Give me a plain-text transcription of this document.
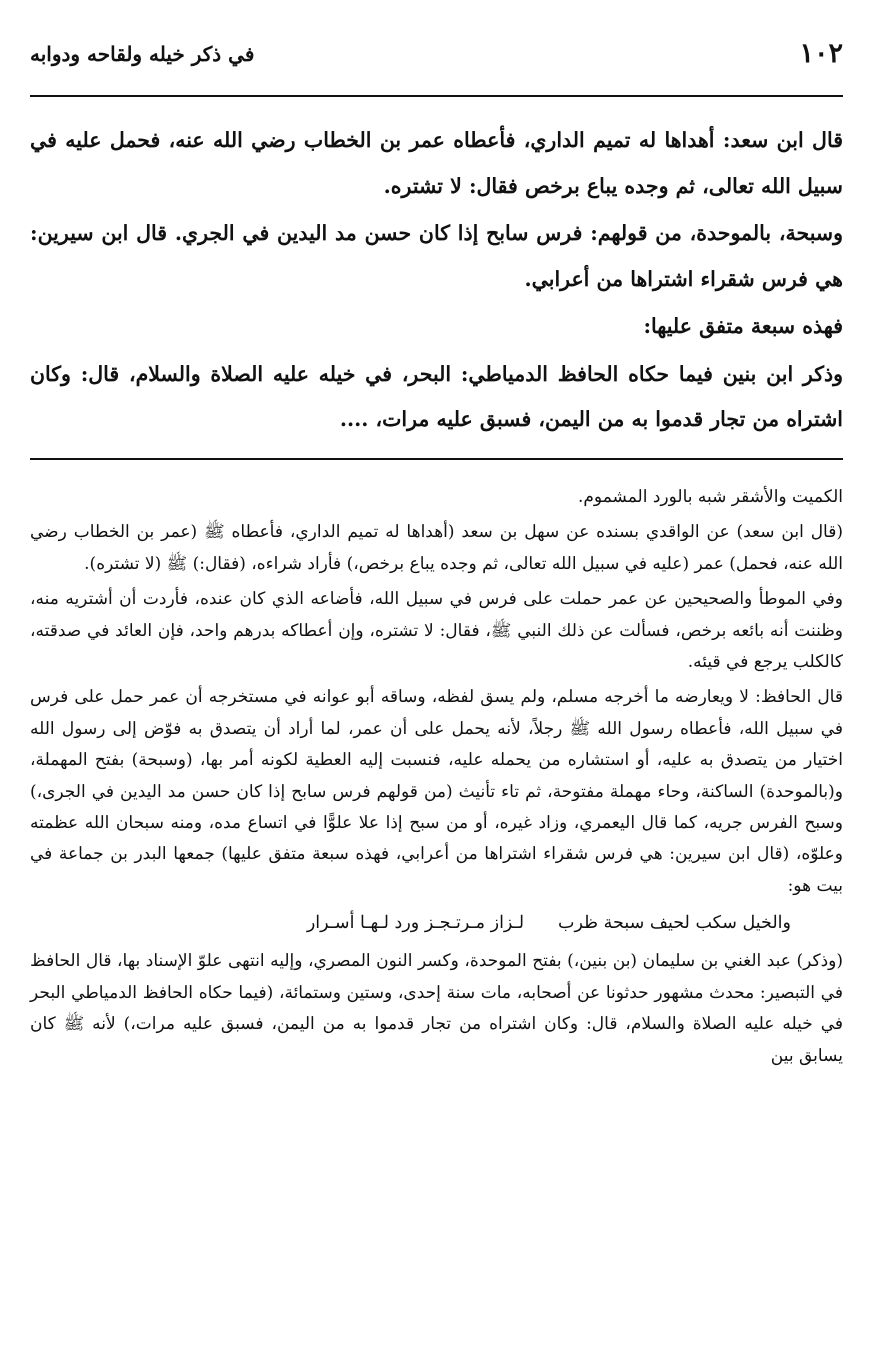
١٠٢
في ذكر خيله ولقاحه ودوابه

قال ابن سعد: أهداها له تميم الداري، فأعطاه عمر بن الخطاب رضي الله عنه، فحمل عليه في سبيل الله تعالى، ثم وجده يباع برخص فقال: لا تشتره.

وسبحة، بالموحدة، من قولهم: فرس سابح إذا كان حسن مد اليدين في الجري. قال ابن سيرين: هي فرس شقراء اشتراها من أعرابي.

فهذه سبعة متفق عليها:

وذكر ابن بنين فيما حكاه الحافظ الدمياطي: البحر، في خيله عليه الصلاة والسلام، قال: وكان اشتراه من تجار قدموا به من اليمن، فسبق عليه مرات، ....

الكميت والأشقر شبه بالورد المشموم.

(قال ابن سعد) عن الواقدي بسنده عن سهل بن سعد (أهداها له تميم الداري، فأعطاه ﷺ (عمر بن الخطاب رضي الله عنه، فحمل) عمر (عليه في سبيل الله تعالى، ثم وجده يباع برخص،) فأراد شراءه، (فقال:) ﷺ (لا تشتره).

وفي الموطأ والصحيحين عن عمر حملت على فرس في سبيل الله، فأضاعه الذي كان عنده، فأردت أن أشتريه منه، وظننت أنه بائعه برخص، فسألت عن ذلك النبي ﷺ، فقال: لا تشتره، وإن أعطاكه بدرهم واحد، فإن العائد في صدقته، كالكلب يرجع في قيئه.

قال الحافظ: لا ويعارضه ما أخرجه مسلم، ولم يسق لفظه، وساقه أبو عوانه في مستخرجه أن عمر حمل على فرس في سبيل الله، فأعطاه رسول الله ﷺ رجلاً، لأنه يحمل على أن عمر، لما أراد أن يتصدق به فوّض إلى رسول الله اختيار من يتصدق به عليه، أو استشاره من يحمله عليه، فنسبت إليه العطية لكونه أمر بها، (وسبحة) بفتح المهملة، و(بالموحدة) الساكنة، وحاء مهملة مفتوحة، ثم تاء تأنيث (من قولهم فرس سابح إذا كان حسن مد اليدين في الجرى،) وسبح الفرس جريه، كما قال اليعمري، وزاد غيره، أو من سبح إذا علا علوًّا في اتساع مده، ومنه سبحان الله عظمته وعلوّه، (قال ابن سيرين: هي فرس شقراء اشتراها من أعرابي، فهذه سبعة متفق عليها) جمعها البدر بن جماعة في بيت هو:

والخيل سكب لحيف سبحة ظرب
لـزاز مـرتـجـز ورد لـهـا أسـرار

(وذكر) عبد الغني بن سليمان (بن بنين،) بفتح الموحدة، وكسر النون المصري، وإليه انتهى علوّ الإسناد بها، قال الحافظ في التبصير: محدث مشهور حدثونا عن أصحابه، مات سنة إحدى، وستين وستمائة، (فيما حكاه الحافظ الدمياطي البحر في خيله عليه الصلاة والسلام، قال: وكان اشتراه من تجار قدموا به من اليمن، فسبق عليه مرات،) لأنه ﷺ كان يسابق بين
